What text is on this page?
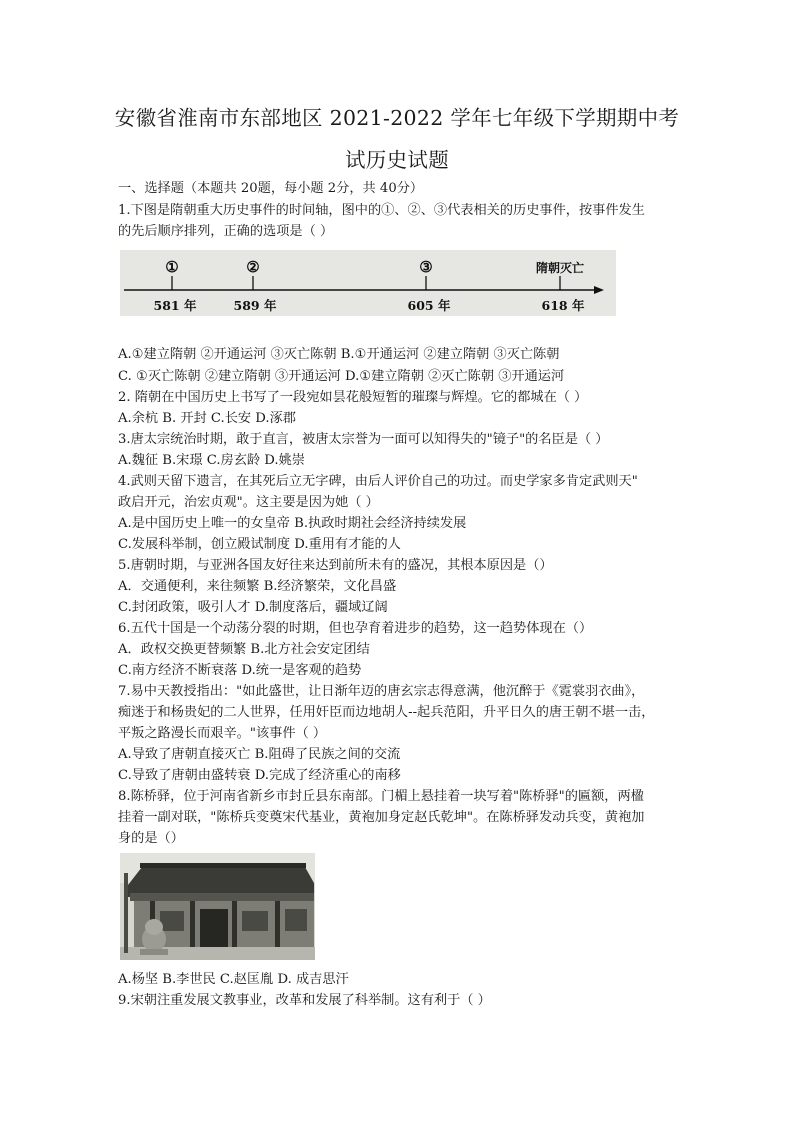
安徽省淮南市东部地区 2021-2022 学年七年级下学期期中考
试历史试题
一、选择题（本题共 20题，每小题 2分，共 40分）
1.下图是隋朝重大历史事件的时间轴，图中的①、②、③代表相关的历史事件，按事件发生
的先后顺序排列，正确的选项是（ ）
①	②	③	隋朝灭亡
581 年	589 年	605 年	618 年
A.①建立隋朝 ②开通运河 ③灭亡陈朝 B.①开通运河 ②建立隋朝 ③灭亡陈朝
C. ①灭亡陈朝 ②建立隋朝 ③开通运河 D.①建立隋朝 ②灭亡陈朝 ③开通运河
2. 隋朝在中国历史上书写了一段宛如昙花般短暂的璀璨与辉煌。它的都城在（ ）
A.余杭 B. 开封 C.长安 D.涿郡
3.唐太宗统治时期，敢于直言，被唐太宗誉为一面可以知得失的"镜子"的名臣是（ ）
A.魏征 B.宋璟 C.房玄龄 D.姚崇
4.武则天留下遗言，在其死后立无字碑，由后人评价自己的功过。而史学家多肯定武则天"
政启开元，治宏贞观"。这主要是因为她（ ）
A.是中国历史上唯一的女皇帝 B.执政时期社会经济持续发展
C.发展科举制，创立殿试制度 D.重用有才能的人
5.唐朝时期，与亚洲各国友好往来达到前所未有的盛况，其根本原因是（）
A．交通便利，来往频繁 B.经济繁荣，文化昌盛
C.封闭政策，吸引人才 D.制度落后，疆域辽阔
6.五代十国是一个动荡分裂的时期，但也孕育着进步的趋势，这一趋势体现在（）
A．政权交换更替频繁 B.北方社会安定团结
C.南方经济不断衰落 D.统一是客观的趋势
7.易中天教授指出："如此盛世，让日渐年迈的唐玄宗志得意满，他沉醉于《霓裳羽衣曲》，
痴迷于和杨贵妃的二人世界，任用奸臣而边地胡人--起兵范阳，升平日久的唐王朝不堪一击，
平叛之路漫长而艰辛。"该事件（ ）
A.导致了唐朝直接灭亡 B.阻碍了民族之间的交流
C.导致了唐朝由盛转衰 D.完成了经济重心的南移
8.陈桥驿，位于河南省新乡市封丘县东南部。门楣上悬挂着一块写着"陈桥驿"的匾额，两楹
挂着一副对联，"陈桥兵变奠宋代基业，黄袍加身定赵氏乾坤"。在陈桥驿发动兵变，黄袍加
身的是（）
A.杨坚 B.李世民 C.赵匡胤 D. 成吉思汗
9.宋朝注重发展文教事业，改革和发展了科举制。这有利于（ ）
